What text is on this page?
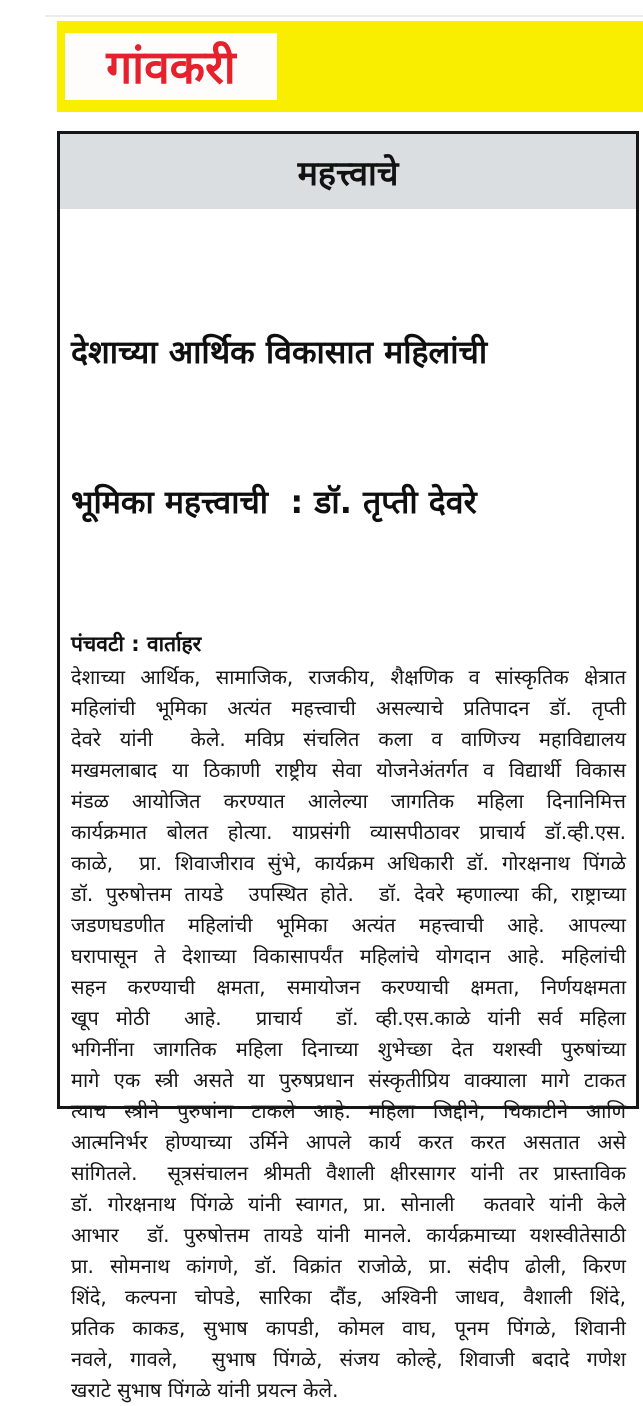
गांवकरी
महत्त्वाचे

देशाच्या आर्थिक विकासात महिलांची

भूमिका महत्त्वाची  : डॉ. तृप्ती देवरे

पंचवटी : वार्ताहर
देशाच्या आर्थिक, सामाजिक, राजकीय, शैक्षणिक व सांस्कृतिक क्षेत्रात
महिलांची भूमिका अत्यंत महत्त्वाची असल्याचे प्रतिपादन डॉ. तृप्ती
देवरे यांनी  केले. मविप्र संचलित कला व वाणिज्य महाविद्यालय
मखमलाबाद या ठिकाणी राष्ट्रीय सेवा योजनेअंतर्गत व विद्यार्थी विकास
मंडळ आयोजित करण्यात आलेल्या जागतिक महिला दिनानिमित्त
कार्यक्रमात बोलत होत्या. याप्रसंगी व्यासपीठावर प्राचार्य डॉ.व्ही.एस.
काळे,  प्रा. शिवाजीराव सुंभे, कार्यक्रम अधिकारी डॉ. गोरक्षनाथ पिंगळे
डॉ. पुरुषोत्तम तायडे  उपस्थित होते.  डॉ. देवरे म्हणाल्या की, राष्ट्राच्या
जडणघडणीत महिलांची भूमिका अत्यंत महत्त्वाची आहे. आपल्या
घरापासून ते देशाच्या विकासापर्यंत महिलांचे योगदान आहे. महिलांची
सहन करण्याची क्षमता, समायोजन करण्याची क्षमता, निर्णयक्षमता
खूप मोठी  आहे.  प्राचार्य  डॉ. व्ही.एस.काळे यांनी सर्व महिला
भगिनींना जागतिक महिला दिनाच्या शुभेच्छा देत यशस्वी पुरुषांच्या
मागे एक स्त्री असते या पुरुषप्रधान संस्कृतीप्रिय वाक्याला मागे टाकत
त्याच स्त्रीने पुरुषांना टाकले आहे. महिला जिद्दीने, चिकाटीने आणि
आत्मनिर्भर होण्याच्या उर्मिने आपले कार्य करत करत असतात असे
सांगितले.  सूत्रसंचालन श्रीमती वैशाली क्षीरसागर यांनी तर प्रास्ताविक
डॉ. गोरक्षनाथ पिंगळे यांनी स्वागत, प्रा. सोनाली  कतवारे यांनी केले
आभार  डॉ. पुरुषोत्तम तायडे यांनी मानले. कार्यक्रमाच्या यशस्वीतेसाठी
प्रा. सोमनाथ कांगणे, डॉ. विक्रांत राजोळे, प्रा. संदीप ढोली, किरण
शिंदे, कल्पना चोपडे, सारिका दौंड, अश्विनी जाधव, वैशाली शिंदे,
प्रतिक काकड, सुभाष कापडी, कोमल वाघ, पूनम पिंगळे, शिवानी
नवले, गावले,  सुभाष पिंगळे, संजय कोल्हे, शिवाजी बदादे गणेश
खराटे सुभाष पिंगळे यांनी प्रयत्न केले.
